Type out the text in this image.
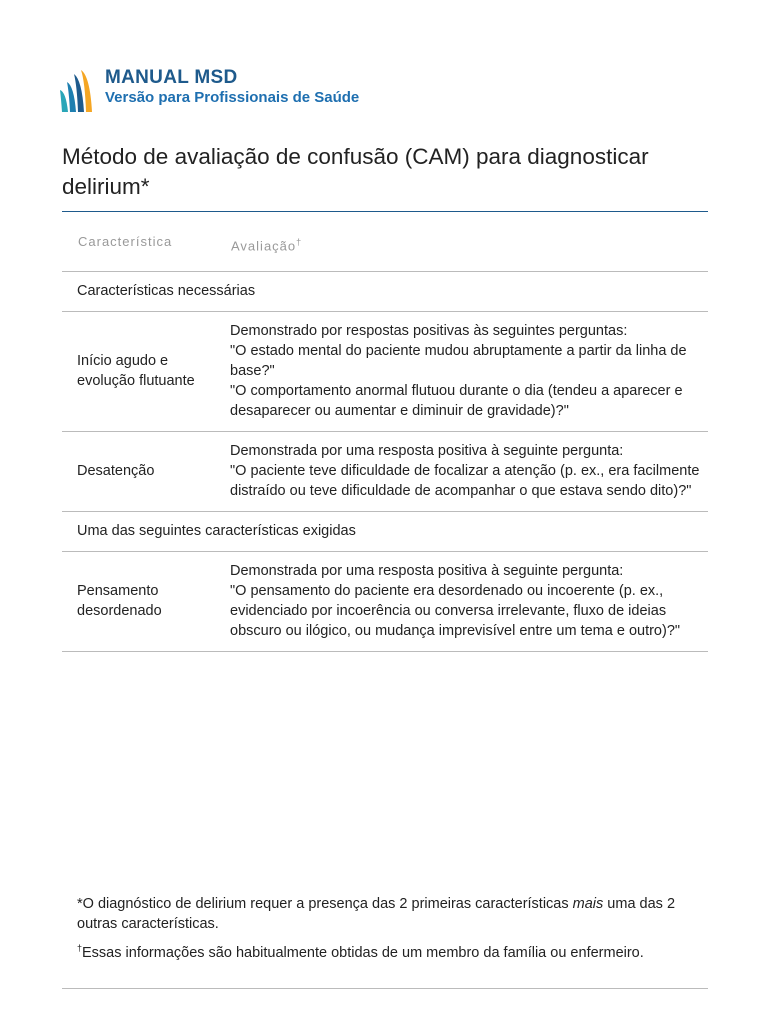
MANUAL MSD
Versão para Profissionais de Saúde
Método de avaliação de confusão (CAM) para diagnosticar delirium*
Característica	Avaliação†
Características necessárias	
Início agudo e evolução flutuante	Demonstrado por respostas positivas às seguintes perguntas:
"O estado mental do paciente mudou abruptamente a partir da linha de base?"
"O comportamento anormal flutuou durante o dia (tendeu a aparecer e desaparecer ou aumentar e diminuir de gravidade)?"

Desatenção	Demonstrada por uma resposta positiva à seguinte pergunta:
"O paciente teve dificuldade de focalizar a atenção (p. ex., era facilmente distraído ou teve dificuldade de acompanhar o que estava sendo dito)?"

Uma das seguintes características exigidas	
Pensamento desordenado	Demonstrada por uma resposta positiva à seguinte pergunta:
"O pensamento do paciente era desordenado ou incoerente (p. ex., evidenciado por incoerência ou conversa irrelevante, fluxo de ideias obscuro ou ilógico, ou mudança imprevisível entre um tema e outro)?"

*O diagnóstico de delirium requer a presença das 2 primeiras características mais uma das 2 outras características.

†Essas informações são habitualmente obtidas de um membro da família ou enfermeiro.
